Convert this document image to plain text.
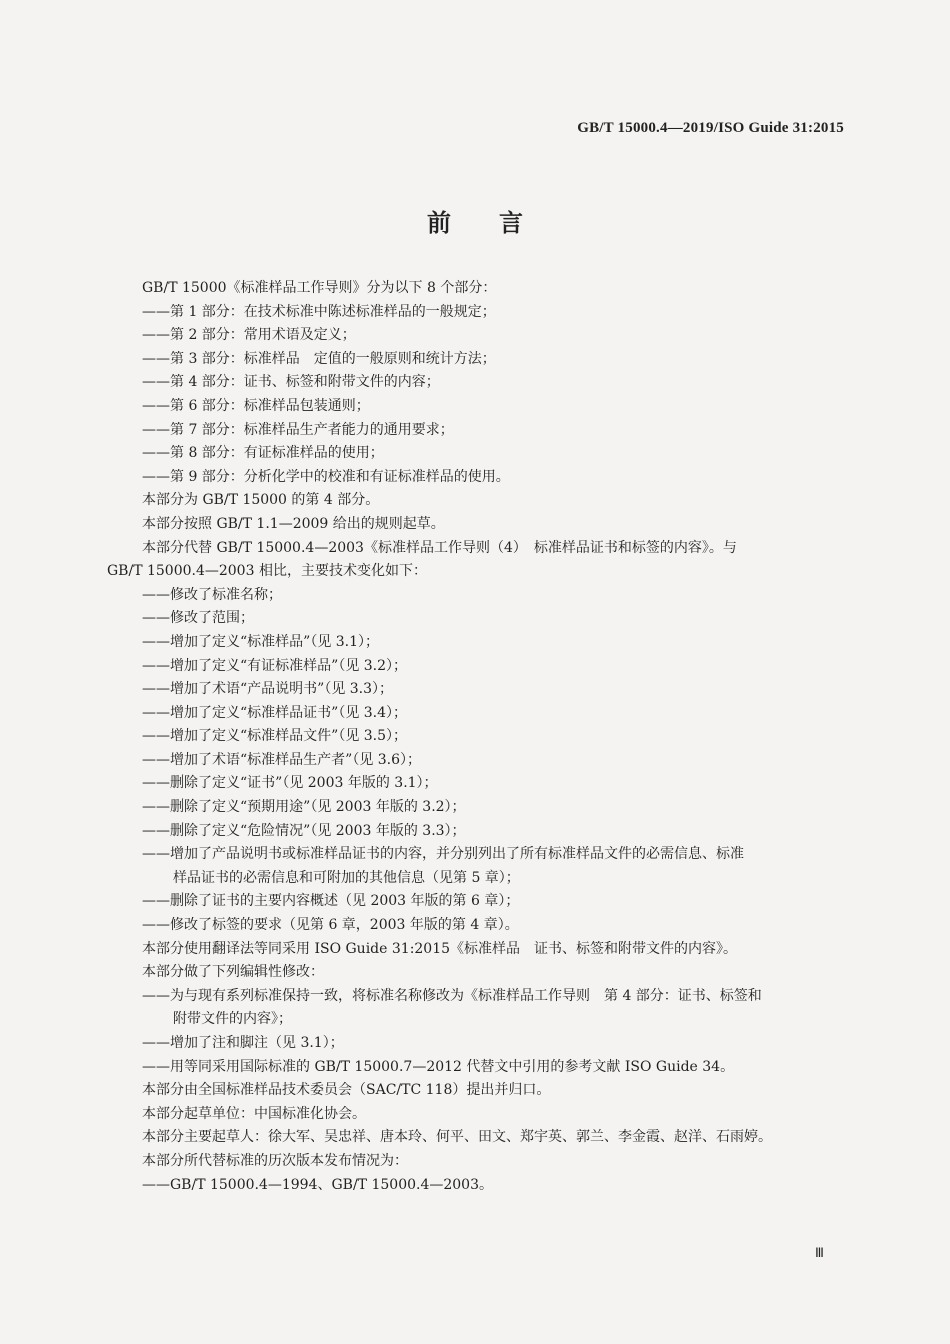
GB/T 15000.4—2019/ISO Guide 31:2015
前言
GB/T 15000《标准样品工作导则》分为以下 8 个部分：
——第 1 部分：在技术标准中陈述标准样品的一般规定；
——第 2 部分：常用术语及定义；
——第 3 部分：标准样品　定值的一般原则和统计方法；
——第 4 部分：证书、标签和附带文件的内容；
——第 6 部分：标准样品包装通则；
——第 7 部分：标准样品生产者能力的通用要求；
——第 8 部分：有证标准样品的使用；
——第 9 部分：分析化学中的校准和有证标准样品的使用。
本部分为 GB/T 15000 的第 4 部分。
本部分按照 GB/T 1.1—2009 给出的规则起草。
本部分代替 GB/T 15000.4—2003《标准样品工作导则（4）　标准样品证书和标签的内容》。与
GB/T 15000.4—2003 相比，主要技术变化如下：
——修改了标准名称；
——修改了范围；
——增加了定义“标准样品”（见 3.1）；
——增加了定义“有证标准样品”（见 3.2）；
——增加了术语“产品说明书”（见 3.3）；
——增加了定义“标准样品证书”（见 3.4）；
——增加了定义“标准样品文件”（见 3.5）；
——增加了术语“标准样品生产者”（见 3.6）；
——删除了定义“证书”（见 2003 年版的 3.1）；
——删除了定义“预期用途”（见 2003 年版的 3.2）；
——删除了定义“危险情况”（见 2003 年版的 3.3）；
——增加了产品说明书或标准样品证书的内容，并分别列出了所有标准样品文件的必需信息、标准
样品证书的必需信息和可附加的其他信息（见第 5 章）；
——删除了证书的主要内容概述（见 2003 年版的第 6 章）；
——修改了标签的要求（见第 6 章，2003 年版的第 4 章）。
本部分使用翻译法等同采用 ISO Guide 31:2015《标准样品　证书、标签和附带文件的内容》。
本部分做了下列编辑性修改：
——为与现有系列标准保持一致，将标准名称修改为《标准样品工作导则　第 4 部分：证书、标签和
附带文件的内容》；
——增加了注和脚注（见 3.1）；
——用等同采用国际标准的 GB/T 15000.7—2012 代替文中引用的参考文献 ISO Guide 34。
本部分由全国标准样品技术委员会（SAC/TC 118）提出并归口。
本部分起草单位：中国标准化协会。
本部分主要起草人：徐大军、吴忠祥、唐本玲、何平、田文、郑宇英、郭兰、李金霞、赵洋、石雨婷。
本部分所代替标准的历次版本发布情况为：
——GB/T 15000.4—1994、GB/T 15000.4—2003。
Ⅲ
